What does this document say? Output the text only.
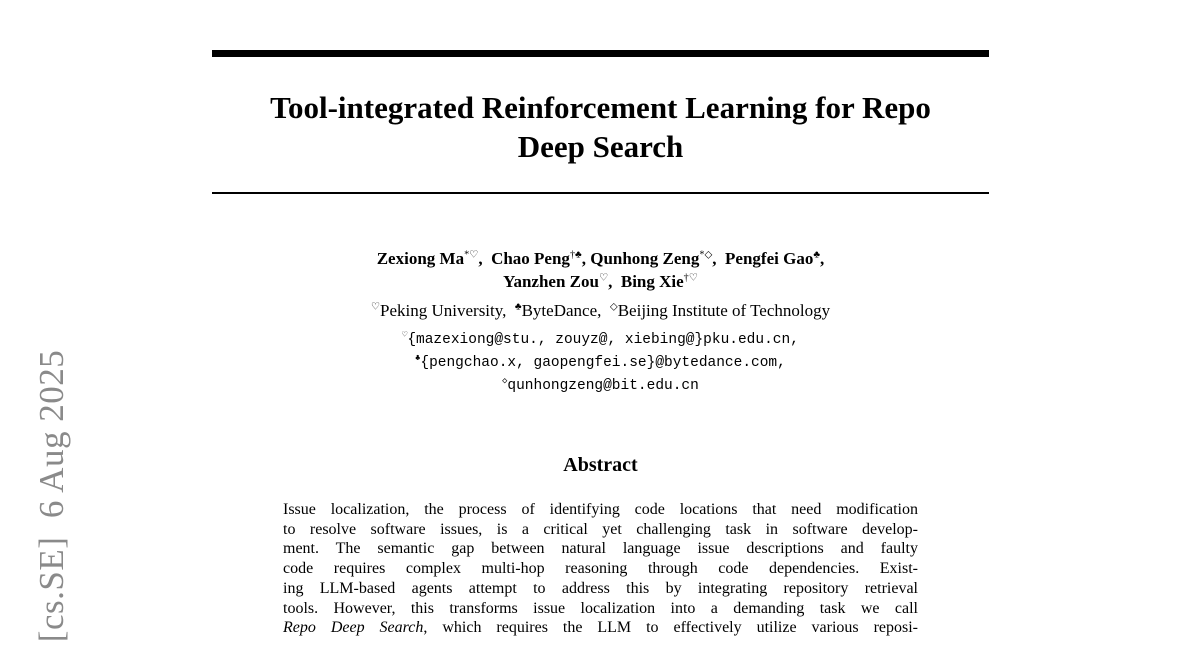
[cs.SE]  6 Aug 2025
Tool-integrated Reinforcement Learning for Repo
Deep Search
Zexiong Ma*♡,  Chao Peng†♣, Qunhong Zeng*◇,  Pengfei Gao♣,
Yanzhen Zou♡,  Bing Xie†♡
♡Peking University, ♣ByteDance, ◇Beijing Institute of Technology
♡{mazexiong@stu., zouyz@, xiebing@}pku.edu.cn,
♣{pengchao.x, gaopengfei.se}@bytedance.com,
◇qunhongzeng@bit.edu.cn
Abstract
Issue localization, the process of identifying code locations that need modification
to resolve software issues, is a critical yet challenging task in software develop-
ment. The semantic gap between natural language issue descriptions and faulty
code requires complex multi-hop reasoning through code dependencies. Exist-
ing LLM-based agents attempt to address this by integrating repository retrieval
tools. However, this transforms issue localization into a demanding task we call
Repo Deep Search, which requires the LLM to effectively utilize various reposi-
